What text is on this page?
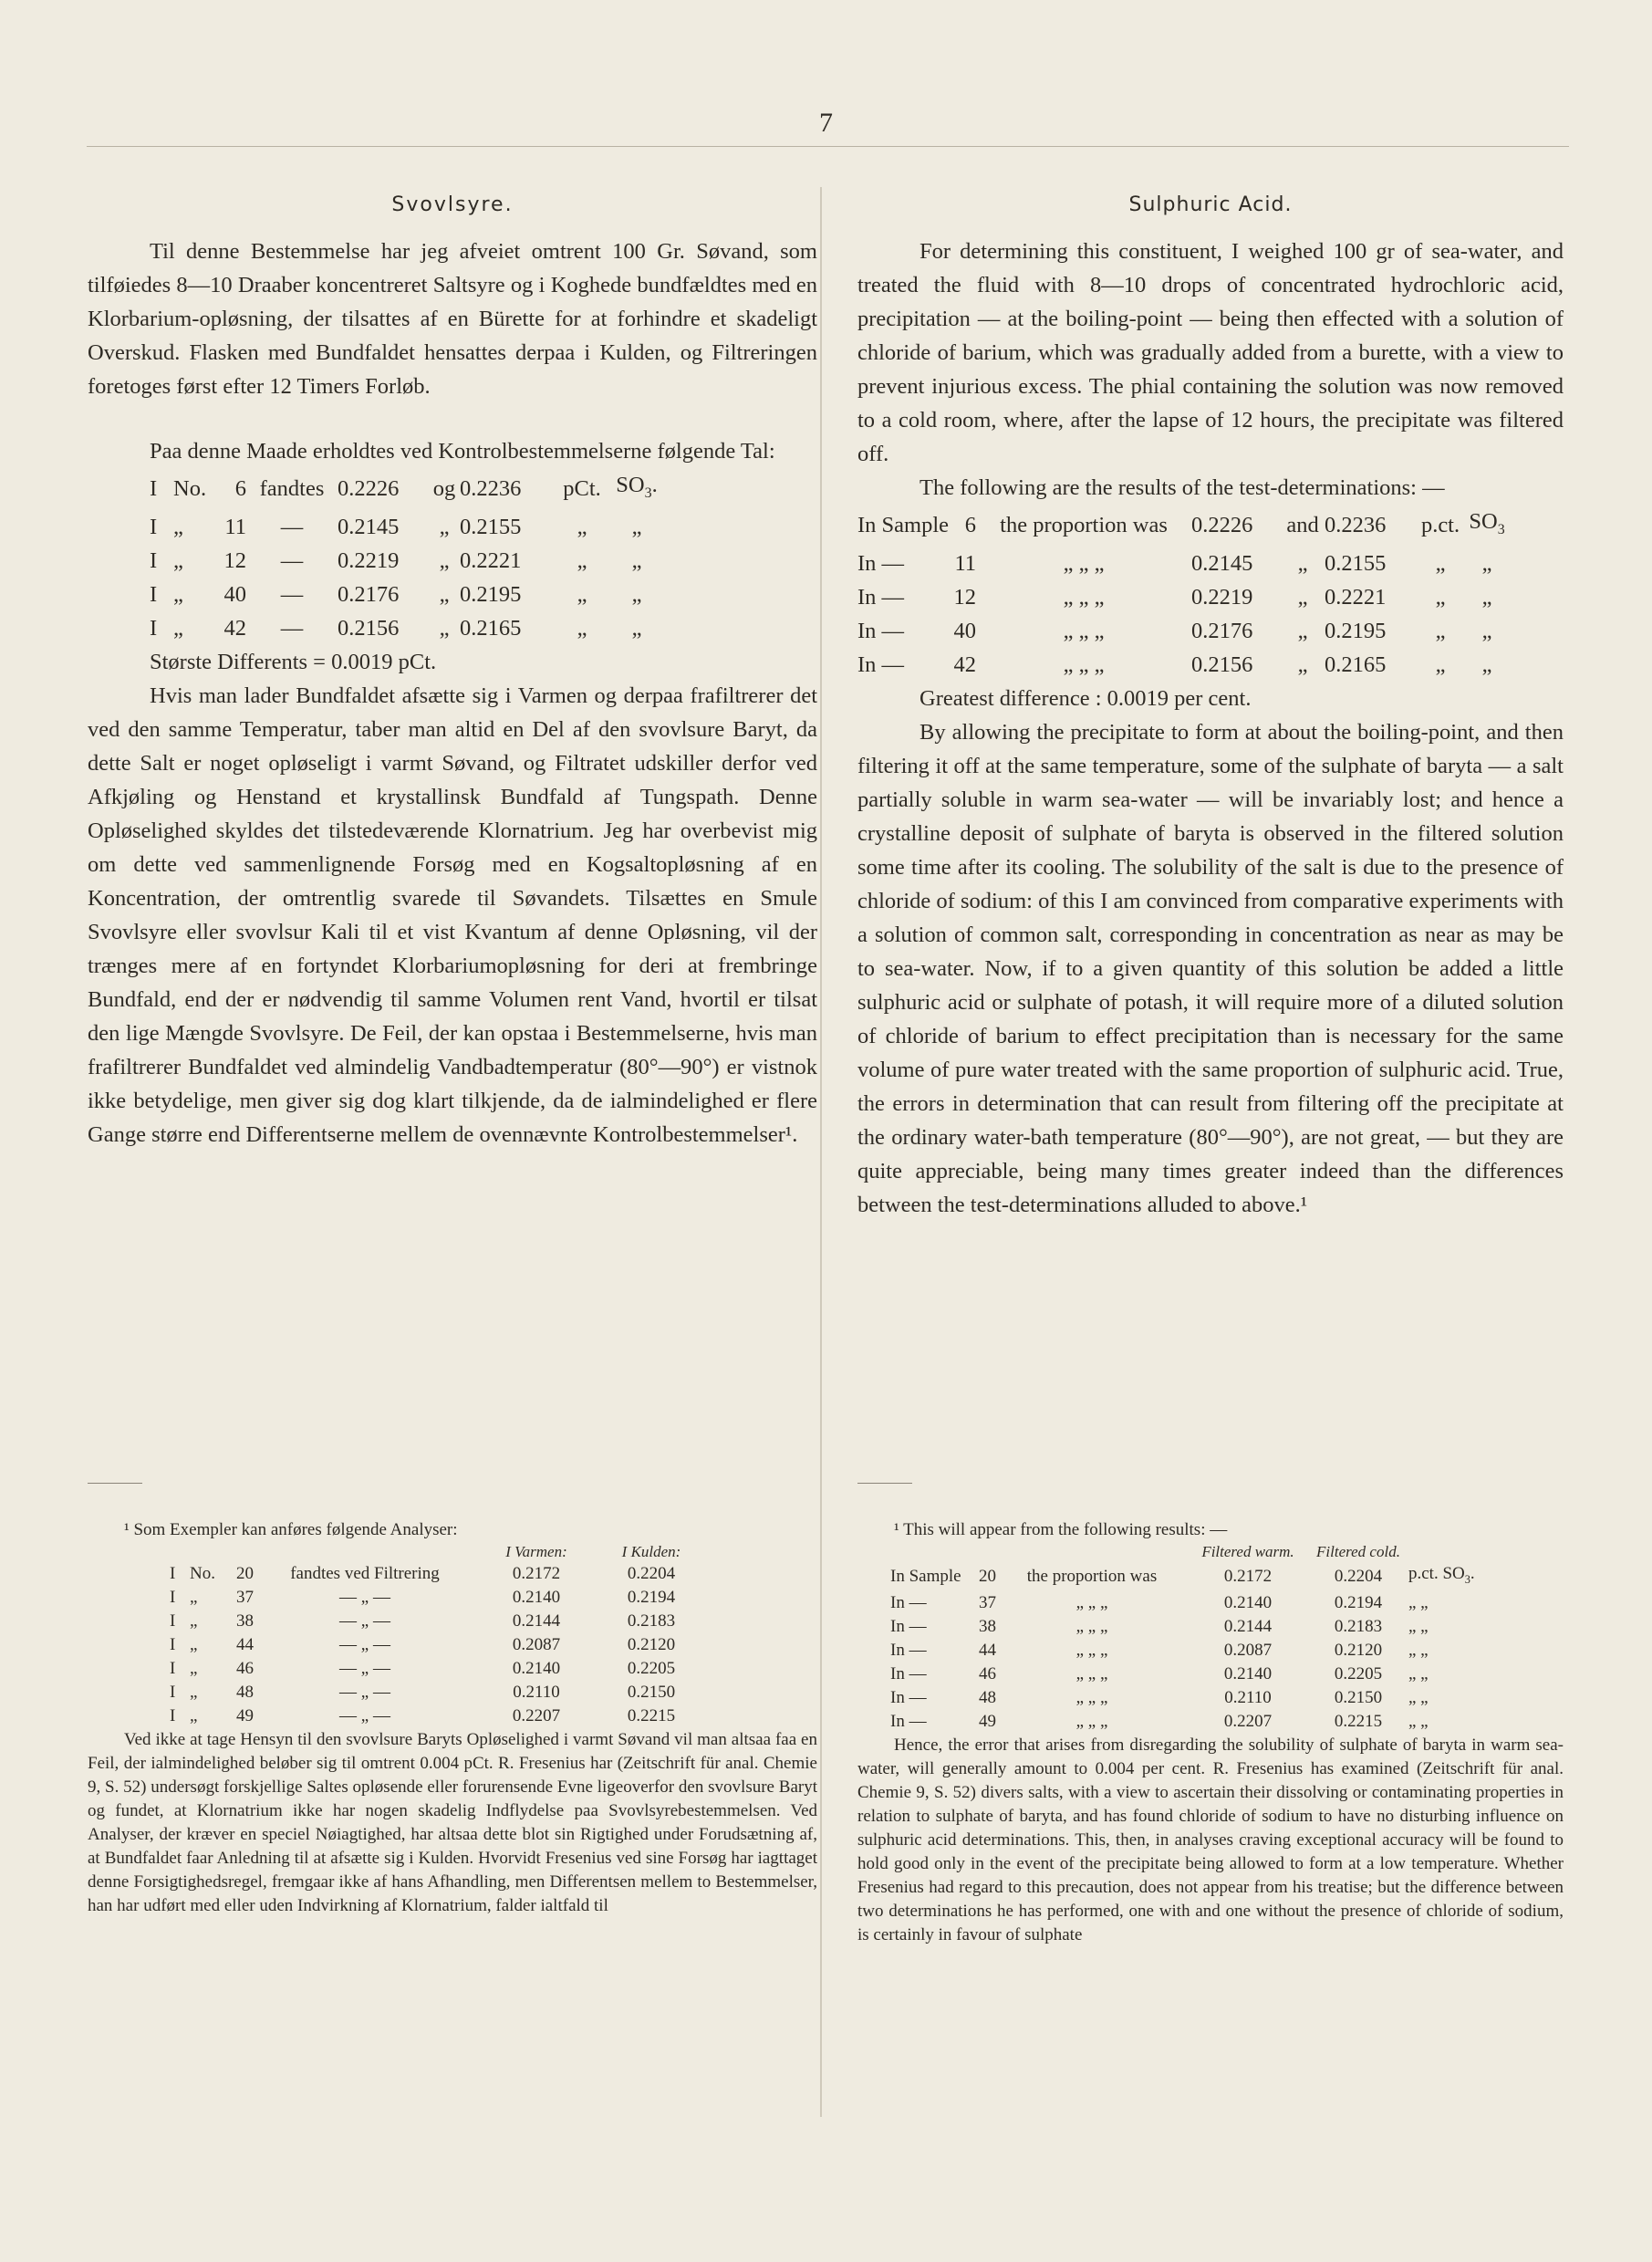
7
Svovlsyre.

Til denne Bestemmelse har jeg afveiet omtrent 100 Gr. Søvand, som tilføiedes 8—10 Draaber koncentreret Saltsyre og i Koghede bundfældtes med en Klorbarium-opløsning, der tilsattes af en Bürette for at forhindre et skadeligt Overskud. Flasken med Bundfaldet hensattes derpaa i Kulden, og Filtreringen foretoges først efter 12 Timers Forløb.

Paa denne Maade erholdtes ved Kontrolbestemmelserne følgende Tal:

I	No.	6	fandtes	0.2226	og	0.2236	pCt.	$SO_3$.
I	„	11	—	0.2145	„	0.2155	„	„
I	„	12	—	0.2219	„	0.2221	„	„
I	„	40	—	0.2176	„	0.2195	„	„
I	„	42	—	0.2156	„	0.2165	„	„
Største Differents = 0.0019 pCt.

Hvis man lader Bundfaldet afsætte sig i Varmen og derpaa frafiltrerer det ved den samme Temperatur, taber man altid en Del af den svovlsure Baryt, da dette Salt er noget opløseligt i varmt Søvand, og Filtratet udskiller derfor ved Afkjøling og Henstand et krystallinsk Bundfald af Tungspath. Denne Opløselighed skyldes det tilstedeværende Klornatrium. Jeg har overbevist mig om dette ved sammenlignende Forsøg med en Kogsaltopløsning af en Koncentration, der omtrentlig svarede til Søvandets. Tilsættes en Smule Svovlsyre eller svovlsur Kali til et vist Kvantum af denne Opløsning, vil der trænges mere af en fortyndet Klorbariumopløsning for deri at frembringe Bundfald, end der er nødvendig til samme Volumen rent Vand, hvortil er tilsat den lige Mængde Svovlsyre. De Feil, der kan opstaa i Bestemmelserne, hvis man frafiltrerer Bundfaldet ved almindelig Vandbadtemperatur (80°—90°) er vistnok ikke betydelige, men giver sig dog klart tilkjende, da de ialmindelighed er flere Gange større end Differentserne mellem de ovennævnte Kontrolbestemmelser¹.

Sulphuric Acid.

For determining this constituent, I weighed 100 gr of sea-water, and treated the fluid with 8—10 drops of concentrated hydrochloric acid, precipitation — at the boiling-point — being then effected with a solution of chloride of barium, which was gradually added from a burette, with a view to prevent injurious excess. The phial containing the solution was now removed to a cold room, where, after the lapse of 12 hours, the precipitate was filtered off.

The following are the results of the test-determinations: —

In Sample	6	the proportion was	0.2226	and	0.2236	p.ct.	$SO_3$
In —	11	„ „ „	0.2145	„	0.2155	„	„
In —	12	„ „ „	0.2219	„	0.2221	„	„
In —	40	„ „ „	0.2176	„	0.2195	„	„
In —	42	„ „ „	0.2156	„	0.2165	„	„
Greatest difference : 0.0019 per cent.

By allowing the precipitate to form at about the boiling-point, and then filtering it off at the same temperature, some of the sulphate of baryta — a salt partially soluble in warm sea-water — will be invariably lost; and hence a crystalline deposit of sulphate of baryta is observed in the filtered solution some time after its cooling. The solubility of the salt is due to the presence of chloride of sodium: of this I am convinced from comparative experiments with a solution of common salt, corresponding in concentration as near as may be to sea-water. Now, if to a given quantity of this solution be added a little sulphuric acid or sulphate of potash, it will require more of a diluted solution of chloride of barium to effect precipitation than is necessary for the same volume of pure water treated with the same proportion of sulphuric acid. True, the errors in determination that can result from filtering off the precipitate at the ordinary water-bath temperature (80°—90°), are not great, — but they are quite appreciable, being many times greater indeed than the differences between the test-determinations alluded to above.¹

¹ Som Exempler kan anføres følgende Analyser:

				I Varmen:	I Kulden:
I	No.	20	fandtes ved Filtrering	0.2172	0.2204
I	„	37	— „ —	0.2140	0.2194
I	„	38	— „ —	0.2144	0.2183
I	„	44	— „ —	0.2087	0.2120
I	„	46	— „ —	0.2140	0.2205
I	„	48	— „ —	0.2110	0.2150
I	„	49	— „ —	0.2207	0.2215

Ved ikke at tage Hensyn til den svovlsure Baryts Opløselighed i varmt Søvand vil man altsaa faa en Feil, der ialmindelighed beløber sig til omtrent 0.004 pCt. R. Fresenius har (Zeitschrift für anal. Chemie 9, S. 52) undersøgt forskjellige Saltes opløsende eller forurensende Evne ligeoverfor den svovlsure Baryt og fundet, at Klornatrium ikke har nogen skadelig Indflydelse paa Svovlsyrebestemmelsen. Ved Analyser, der kræver en speciel Nøiagtighed, har altsaa dette blot sin Rigtighed under Forudsætning af, at Bundfaldet faar Anledning til at afsætte sig i Kulden. Hvorvidt Fresenius ved sine Forsøg har iagttaget denne Forsigtighedsregel, fremgaar ikke af hans Afhandling, men Differentsen mellem to Bestemmelser, han har udført med eller uden Indvirkning af Klornatrium, falder ialtfald til

¹ This will appear from the following results: —

			Filtered warm.	Filtered cold.	
In Sample	20	the proportion was	0.2172	0.2204	p.ct. $SO_3$.
In —	37	„ „ „	0.2140	0.2194	„ „
In —	38	„ „ „	0.2144	0.2183	„ „
In —	44	„ „ „	0.2087	0.2120	„ „
In —	46	„ „ „	0.2140	0.2205	„ „
In —	48	„ „ „	0.2110	0.2150	„ „
In —	49	„ „ „	0.2207	0.2215	„ „

Hence, the error that arises from disregarding the solubility of sulphate of baryta in warm sea-water, will generally amount to 0.004 per cent. R. Fresenius has examined (Zeitschrift für anal. Chemie 9, S. 52) divers salts, with a view to ascertain their dissolving or contaminating properties in relation to sulphate of baryta, and has found chloride of sodium to have no disturbing influence on sulphuric acid determinations. This, then, in analyses craving exceptional accuracy will be found to hold good only in the event of the precipitate being allowed to form at a low temperature. Whether Fresenius had regard to this precaution, does not appear from his treatise; but the difference between two determinations he has performed, one with and one without the presence of chloride of sodium, is certainly in favour of sulphate
